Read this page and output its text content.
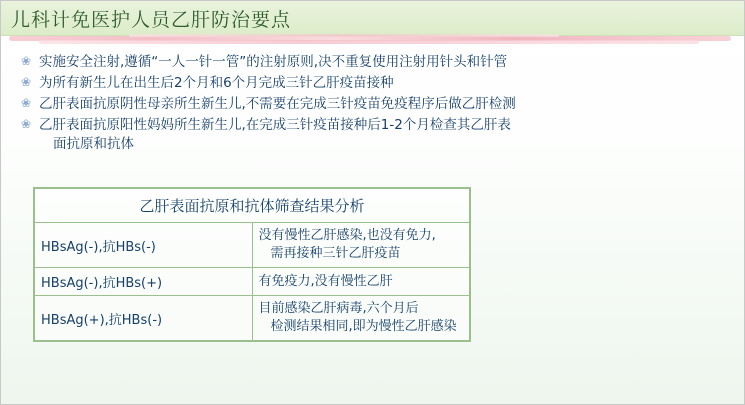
儿科计免医护人员乙肝防治要点
❀ 实施安全注射,遵循“一人一针一管”的注射原则,决不重复使用注射用针头和针管
❀ 为所有新生儿在出生后2个月和6个月完成三针乙肝疫苗接种
❀ 乙肝表面抗原阴性母亲所生新生儿,不需要在完成三针疫苗免疫程序后做乙肝检测
❀ 乙肝表面抗原阳性妈妈所生新生儿,在完成三针疫苗接种后1-2个月检查其乙肝表
面抗原和抗体
乙肝表面抗原和抗体筛查结果分析	
HBsAg(-),抗HBs(-)	没有慢性乙肝感染,也没有免力,
需再接种三针乙肝疫苗

HBsAg(-),抗HBs(+)	有免疫力,没有慢性乙肝

HBsAg(+),抗HBs(-)	目前感染乙肝病毒,六个月后
检测结果相同,即为慢性乙肝感染
